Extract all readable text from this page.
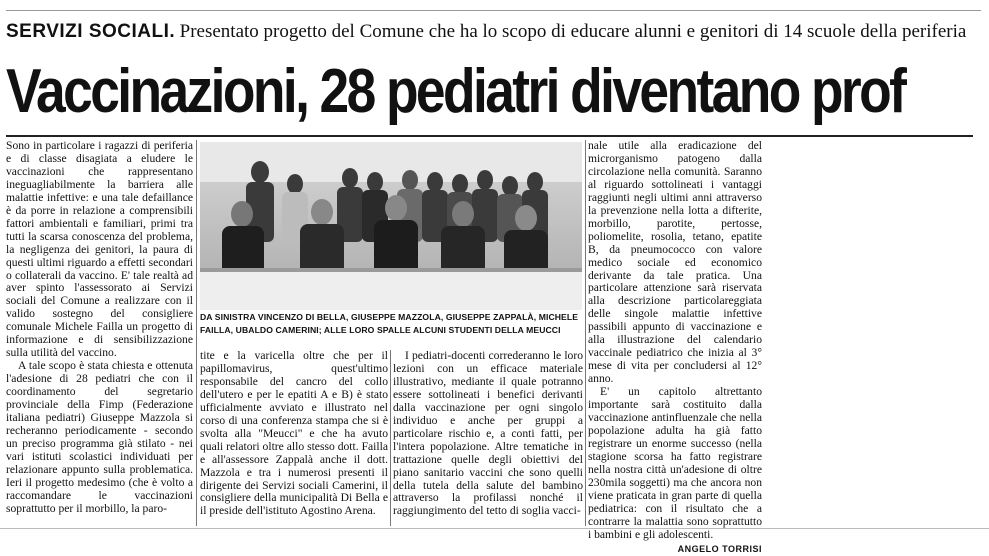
SERVIZI SOCIALI. Presentato progetto del Comune che ha lo scopo di educare alunni e genitori di 14 scuole della periferia
Vaccinazioni, 28 pediatri diventano prof

Sono in particolare i ragazzi di periferia e di classe disagiata a eludere le vaccinazioni che rappresentano ineguagliabilmente la barriera alle malattie infettive: e una tale defaillance è da porre in relazione a comprensibili fattori ambientali e familiari, primi tra tutti la scarsa conoscenza del problema, la negligenza dei genitori, la paura di questi ultimi riguardo a effetti secondari o collaterali da vaccino. E' tale realtà ad aver spinto l'assessorato ai Servizi sociali del Comune a realizzare con il valido sostegno del consigliere comunale Michele Failla un progetto di informazione e di sensibilizzazione sulla utilità del vaccino.

A tale scopo è stata chiesta e ottenuta l'adesione di 28 pediatri che con il coordinamento del segretario provinciale della Fimp (Federazione italiana pediatri) Giuseppe Mazzola si recheranno periodicamente - secondo un preciso programma già stilato - nei vari istituti scolastici individuati per relazionare appunto sulla problematica. Ieri il progetto medesimo (che è volto a raccomandare le vaccinazioni soprattutto per il morbillo, la paro-

DA SINISTRA VINCENZO DI BELLA, GIUSEPPE MAZZOLA, GIUSEPPE ZAPPALÀ, MICHELE FAILLA, UBALDO CAMERINI; ALLE LORO SPALLE ALCUNI STUDENTI DELLA MEUCCI

tite e la varicella oltre che per il papillomavirus, quest'ultimo responsabile del cancro del collo dell'utero e per le epatiti A e B) è stato ufficialmente avviato e illustrato nel corso di una conferenza stampa che si è svolta alla "Meucci" e che ha avuto quali relatori oltre allo stesso dott. Failla e all'assessore Zappalà anche il dott. Mazzola e tra i numerosi presenti il dirigente dei Servizi sociali Camerini, il consigliere della municipalità Di Bella e il preside dell'istituto Agostino Arena.

I pediatri-docenti correderanno le loro lezioni con un efficace materiale illustrativo, mediante il quale potranno essere sottolineati i benefici derivanti dalla vaccinazione per ogni singolo individuo e anche per gruppi a particolare rischio e, a conti fatti, per l'intera popolazione. Altre tematiche in trattazione quelle degli obiettivi del piano sanitario vaccini che sono quelli della tutela della salute del bambino attraverso la profilassi nonché il raggiungimento del tetto di soglia vacci-

nale utile alla eradicazione del microrganismo patogeno dalla circolazione nella comunità. Saranno al riguardo sottolineati i vantaggi raggiunti negli ultimi anni attraverso la prevenzione nella lotta a difterite, morbillo, parotite, pertosse, poliomelite, rosolia, tetano, epatite B, da pneumococco con valore medico sociale ed economico derivante da tale pratica. Una particolare attenzione sarà riservata alla descrizione particolareggiata delle singole malattie infettive passibili appunto di vaccinazione e alla illustrazione del calendario vaccinale pediatrico che inizia al 3° mese di vita per concludersi al 12° anno.

E' un capitolo altrettanto importante sarà costituito dalla vaccinazione antinfluenzale che nella popolazione adulta ha già fatto registrare un enorme successo (nella stagione scorsa ha fatto registrare nella nostra città un'adesione di oltre 230mila soggetti) ma che ancora non viene praticata in gran parte di quella pediatrica: con il risultato che a contrarre la malattia sono soprattutto i bambini e gli adolescenti.

ANGELO TORRISI
